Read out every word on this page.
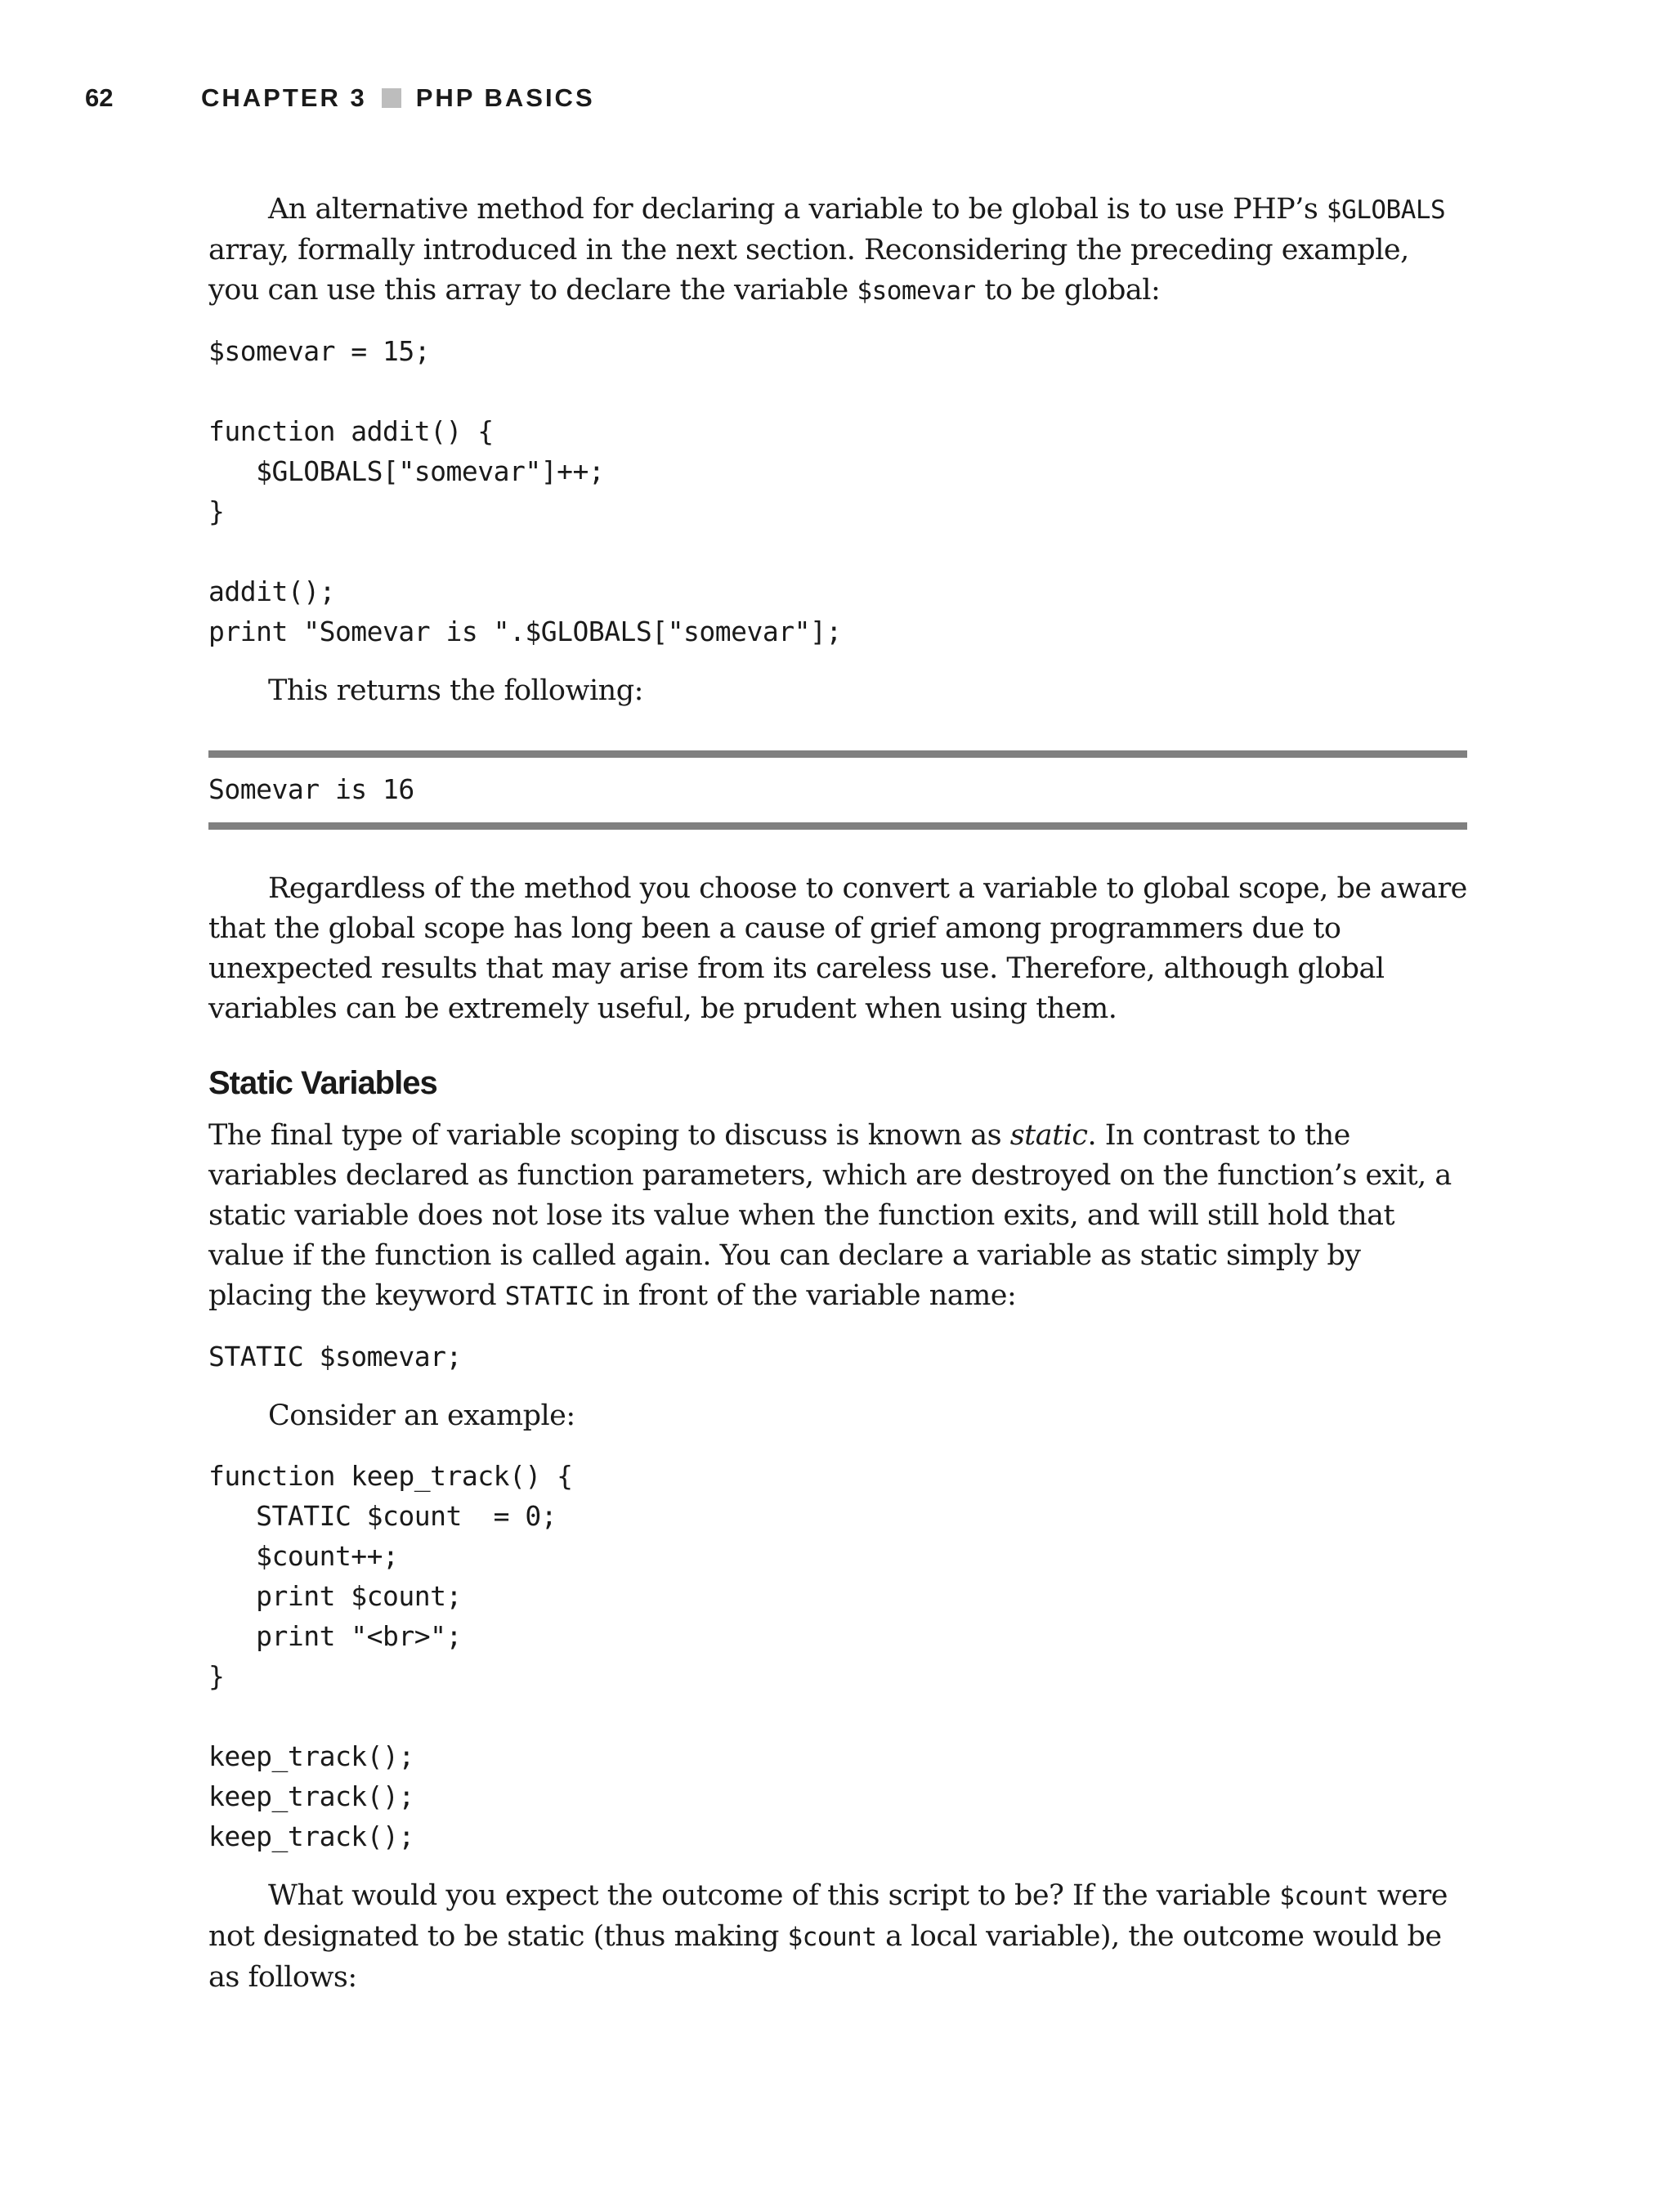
62	CHAPTER 3 PHP BASICS

An alternative method for declaring a variable to be global is to use PHP’s $GLOBALS array, formally introduced in the next section. Reconsidering the preceding example, you can use this array to declare the variable $somevar to be global:

$somevar = 15;

function addit() {
$GLOBALS["somevar"]++;
}

addit();
print "Somevar is ".$GLOBALS["somevar"];

This returns the following:

Somevar is 16

Regardless of the method you choose to convert a variable to global scope, be aware that the global scope has long been a cause of grief among programmers due to unexpected results that may arise from its careless use. Therefore, although global variables can be extremely useful, be prudent when using them.

Static Variables

The final type of variable scoping to discuss is known as static. In contrast to the variables declared as function parameters, which are destroyed on the function’s exit, a static variable does not lose its value when the function exits, and will still hold that value if the function is called again. You can declare a variable as static simply by placing the keyword STATIC in front of the variable name:

STATIC $somevar;

Consider an example:

function keep_track() {
STATIC $count  = 0;
$count++;
print $count;
print "<br>";
}

keep_track();
keep_track();
keep_track();

What would you expect the outcome of this script to be? If the variable $count were not designated to be static (thus making $count a local variable), the outcome would be as follows:
